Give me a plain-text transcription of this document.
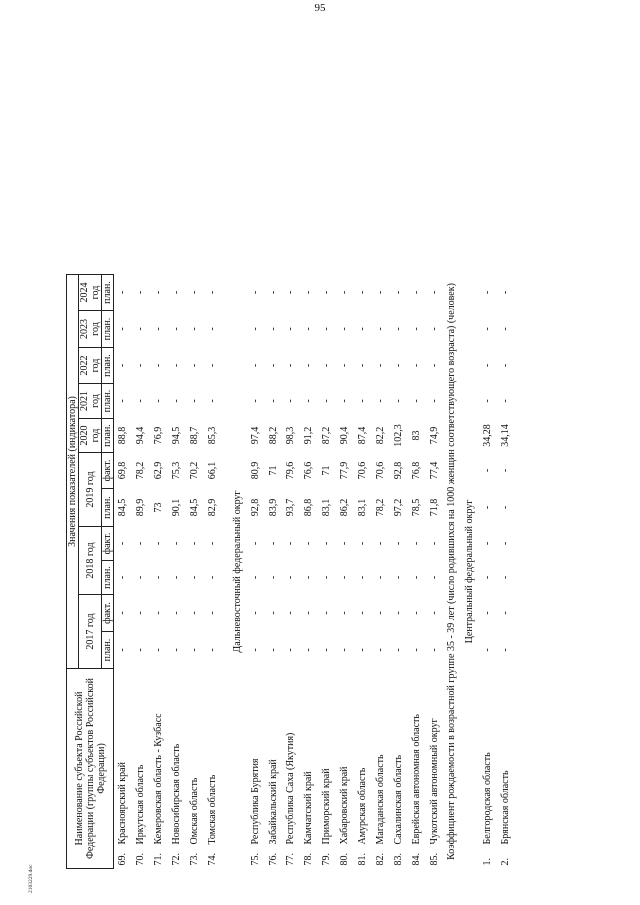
95
2103229.doc
Наименование субъекта Российской Федерации (группы субъектов Российской Федерации)		Значения показателей (индикатора)										
		2017 год		2018 год		2019 год		2020 год	2021 год	2022 год	2023 год	2024 год
		план.	факт.	план.	факт.	план.	факт.	план.	план.	план.	план.	план.
69.	Красноярский край	-	-	-	-	84,5	69,8	88,8	-	-	-	-
70.	Иркутская область	-	-	-	-	89,9	78,2	94,4	-	-	-	-
71.	Кемеровская область - Кузбасс	-	-	-	-	73	62,9	76,9	-	-	-	-
72.	Новосибирская область	-	-	-	-	90,1	75,3	94,5	-	-	-	-
73.	Омская область	-	-	-	-	84,5	70,2	88,7	-	-	-	-
74.	Томская область	-	-	-	-	82,9	66,1	85,3	-	-	-	-

Дальневосточный федеральный округ												
75.	Республика Бурятия	-	-	-	-	92,8	80,9	97,4	-	-	-	-
76.	Забайкальский край	-	-	-	-	83,9	71	88,2	-	-	-	-
77.	Республика Саха (Якутия)	-	-	-	-	93,7	79,6	98,3	-	-	-	-
78.	Камчатский край	-	-	-	-	86,8	76,6	91,2	-	-	-	-
79.	Приморский край	-	-	-	-	83,1	71	87,2	-	-	-	-
80.	Хабаровский край	-	-	-	-	86,2	77,9	90,4	-	-	-	-
81.	Амурская область	-	-	-	-	83,1	70,6	87,4	-	-	-	-
82.	Магаданская область	-	-	-	-	78,2	70,6	82,2	-	-	-	-
83.	Сахалинская область	-	-	-	-	97,2	92,8	102,3	-	-	-	-
84.	Еврейская автономная область	-	-	-	-	78,5	76,8	83	-	-	-	-
85.	Чукотский автономный округ	-	-	-	-	71,8	77,4	74,9	-	-	-	-
Коэффициент рождаемости в возрастной группе 35 - 39 лет (число родившихся на 1000 женщин соответствующего возраста) (человек)												
Центральный федеральный округ												
1.	Белгородская область	-	-	-	-	-	-	34,28	-	-	-	-
2.	Брянская область	-	-	-	-	-	-	34,14	-	-	-	-
